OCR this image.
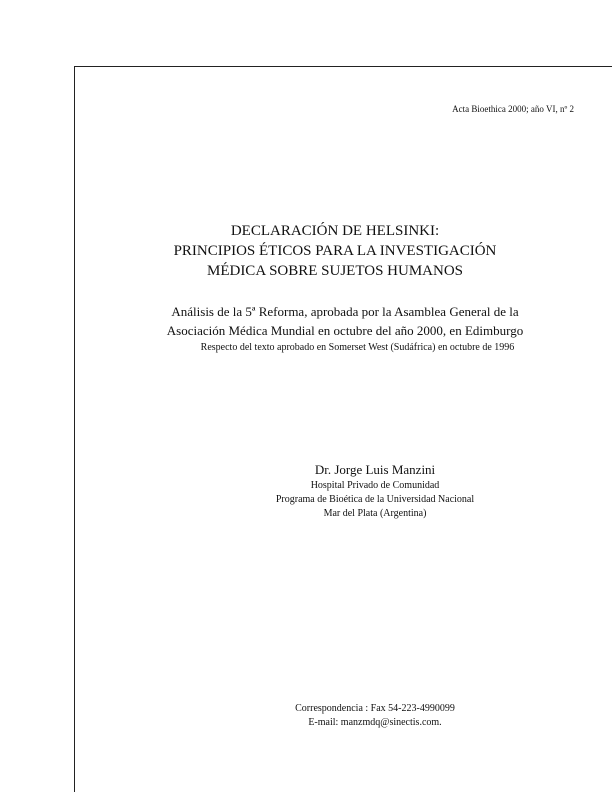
Acta Bioethica 2000; año VI, nº 2
DECLARACIÓN DE HELSINKI:
PRINCIPIOS ÉTICOS PARA LA INVESTIGACIÓN
MÉDICA SOBRE SUJETOS HUMANOS
Análisis de la 5ª Reforma, aprobada por la Asamblea General de la
Asociación Médica Mundial en octubre del año 2000, en Edimburgo
Respecto del texto aprobado en Somerset West (Sudáfrica) en octubre de 1996
Dr. Jorge Luis Manzini
Hospital Privado de Comunidad
Programa de Bioética de la Universidad Nacional
Mar del Plata (Argentina)
Correspondencia : Fax 54-223-4990099
E-mail: manzmdq@sinectis.com.
